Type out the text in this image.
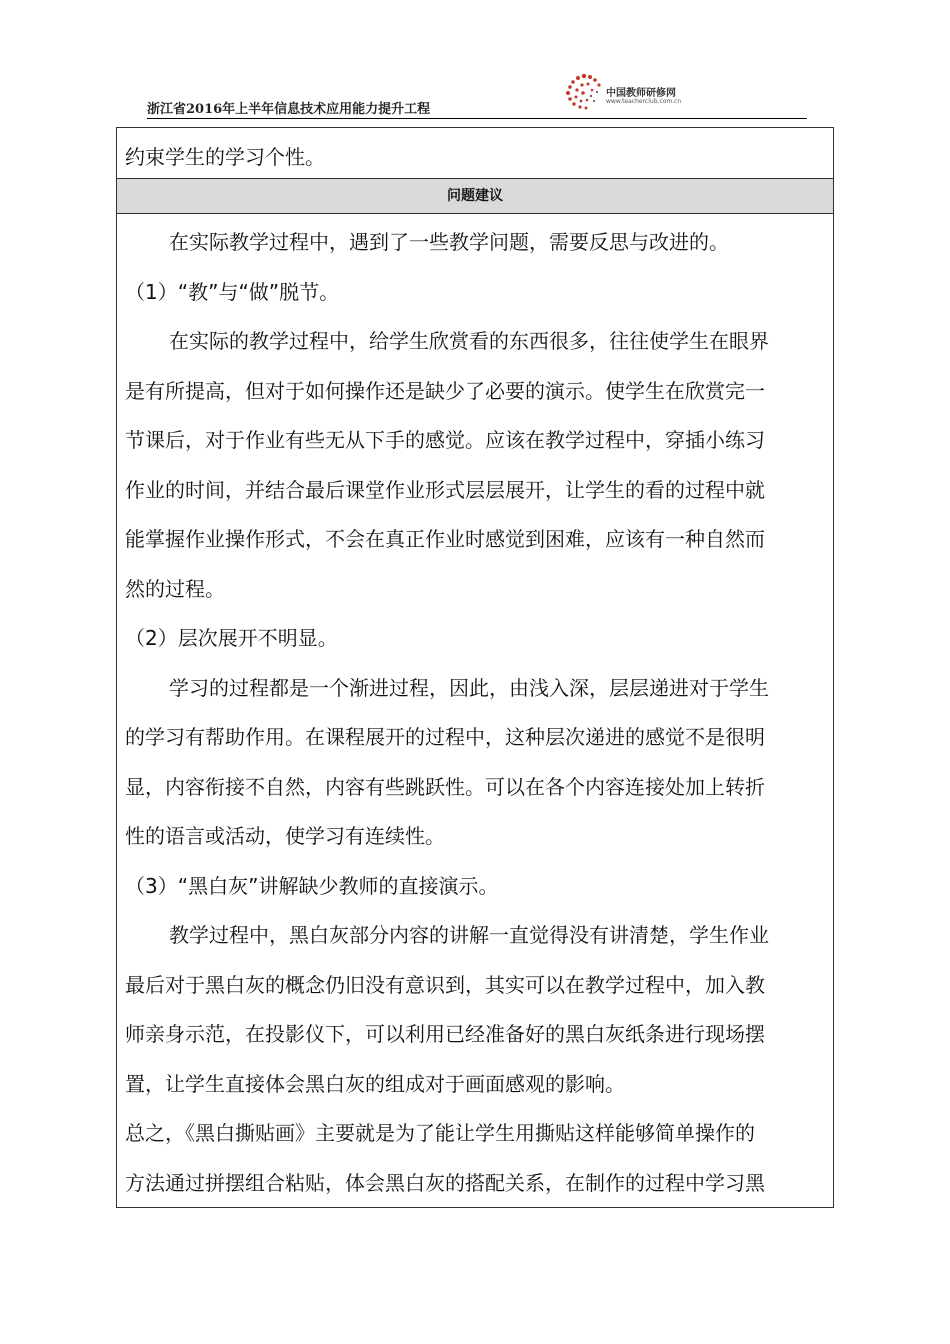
浙江省2016年上半年信息技术应用能力提升工程
中国教师研修网
www.teacherclub.com.cn
约束学生的学习个性。
问题建议
在实际教学过程中，遇到了一些教学问题，需要反思与改进的。
（1）“教”与“做”脱节。
在实际的教学过程中，给学生欣赏看的东西很多，往往使学生在眼界
是有所提高，但对于如何操作还是缺少了必要的演示。使学生在欣赏完一
节课后，对于作业有些无从下手的感觉。应该在教学过程中，穿插小练习
作业的时间，并结合最后课堂作业形式层层展开，让学生的看的过程中就
能掌握作业操作形式，不会在真正作业时感觉到困难，应该有一种自然而
然的过程。
（2）层次展开不明显。
学习的过程都是一个渐进过程，因此，由浅入深，层层递进对于学生
的学习有帮助作用。在课程展开的过程中，这种层次递进的感觉不是很明
显，内容衔接不自然，内容有些跳跃性。可以在各个内容连接处加上转折
性的语言或活动，使学习有连续性。
（3）“黑白灰”讲解缺少教师的直接演示。
教学过程中，黑白灰部分内容的讲解一直觉得没有讲清楚，学生作业
最后对于黑白灰的概念仍旧没有意识到，其实可以在教学过程中，加入教
师亲身示范，在投影仪下，可以利用已经准备好的黑白灰纸条进行现场摆
置，让学生直接体会黑白灰的组成对于画面感观的影响。
总之，《黑白撕贴画》主要就是为了能让学生用撕贴这样能够简单操作的
方法通过拼摆组合粘贴，体会黑白灰的搭配关系，在制作的过程中学习黑
